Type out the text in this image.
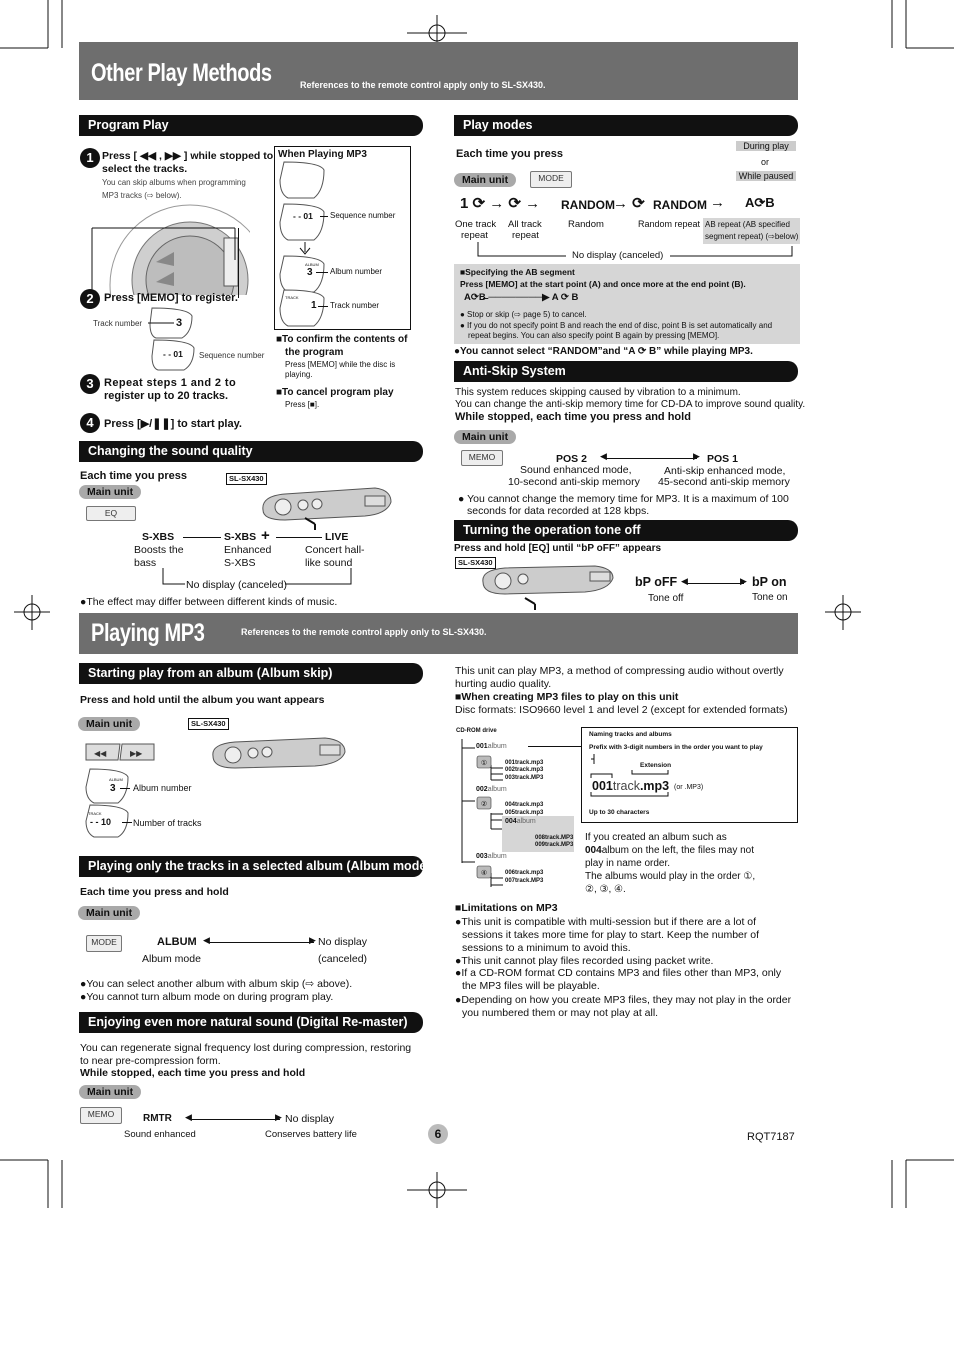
Other Play Methods	References to the remote control apply only to SL-SX430.
Program Play
1 Press [ ◀◀ , ▶▶ ] while stopped to
select the tracks.
You can skip albums when programming
MP3 tracks (⇨ below).
2 Press [MEMO] to register.
Track number	3
- - 01 Sequence number
3 Repeat steps 1 and 2 to
register up to 20 tracks.
4 Press [▶/❚❚] to start play.
When Playing MP3
- - 01 Sequence number
ALBUM
3 Album number
TRACK
1 Track number
■To confirm the contents of
the program
Press [MEMO] while the disc is
playing.
■To cancel program play
Press [■].
Changing the sound quality
Each time you press
Main unit
EQ
SL-SX430
S-XBS	S-XBS +	LIVE
Boosts the
bass
Enhanced
S-XBS
Concert hall-
like sound
No display (canceled)
●The effect may differ between different kinds of music.
Play modes
Each time you press
During play
or
While paused
Main unit	MODE
1 ⟳ → ⟳ → RANDOM
→ ⟳ RANDOM → A⟳B
One track
repeat
All track
repeat
Random	Random repeat AB repeat (AB specified
segment repeat) (⇨below)
No display (canceled)
■Specifying the AB segment
Press [MEMO] at the start point (A) and once more at the end point (B).
A⟳B̶ ────────▶ A ⟳ B
● Stop or skip (⇨ page 5) to cancel.
● If you do not specify point B and reach the end of disc, point B is set automatically and
repeat begins. You can also specify point B again by pressing [MEMO].
●You cannot select “RANDOM”and “A ⟳ B” while playing MP3.
Anti-Skip System
This system reduces skipping caused by vibration to a minimum.
You can change the anti-skip memory time for CD-DA to improve sound quality.
While stopped, each time you press and hold
Main unit
MEMO	POS 2 ◀	▶ POS 1
Sound enhanced mode,
10-second anti-skip memory
Anti-skip enhanced mode,
45-second anti-skip memory
● You cannot change the memory time for MP3. It is a maximum of 100
seconds for data recorded at 128 kbps.
Turning the operation tone off
Press and hold [EQ] until “bP oFF” appears
SL-SX430
bP oFF ◀	▶ bP on
Tone off	Tone on
Playing MP3	References to the remote control apply only to SL-SX430.
Starting play from an album (Album skip)
Press and hold until the album you want appears
Main unit	SL-SX430
◀◀	▶▶
ALBUM
3 Album number
TRACK
- - 10 Number of tracks
Playing only the tracks in a selected album (Album mode)
Each time you press and hold
Main unit
MODE	ALBUM ◀	▶ No display
Album mode	(canceled)
●You can select another album with album skip (⇨ above).
●You cannot turn album mode on during program play.
Enjoying even more natural sound (Digital Re-master)
You can regenerate signal frequency lost during compression, restoring
to near pre-compression form.
While stopped, each time you press and hold
Main unit
MEMO	RMTR ◀	▶ No display
Sound enhanced	Conserves battery life
This unit can play MP3, a method of compressing audio without overtly
hurting audio quality.
■When creating MP3 files to play on this unit
Disc formats: ISO9660 level 1 and level 2 (except for extended formats)
CD-ROM drive
①
②
④
001album
002album
004album
003album
001track.mp3
002track.mp3
003track.MP3
004track.mp3
005track.mp3
008track.MP3
009track.MP3
006track.mp3
007track.MP3
Naming tracks and albums
Prefix with 3-digit numbers in the order you want to play
Extension
001track.mp3 (or .MP3)
Up to 30 characters
If you created an album such as
004album on the left, the files may not
play in name order.
The albums would play in the order ①,
②, ③, ④.
■Limitations on MP3
●This unit is compatible with multi-session but if there are a lot of
sessions it takes more time for play to start. Keep the number of
sessions to a minimum to avoid this.
●This unit cannot play files recorded using packet write.
●If a CD-ROM format CD contains MP3 and files other than MP3, only
the MP3 files will be playable.
●Depending on how you create MP3 files, they may not play in the order
you numbered them or may not play at all.
6	RQT7187
